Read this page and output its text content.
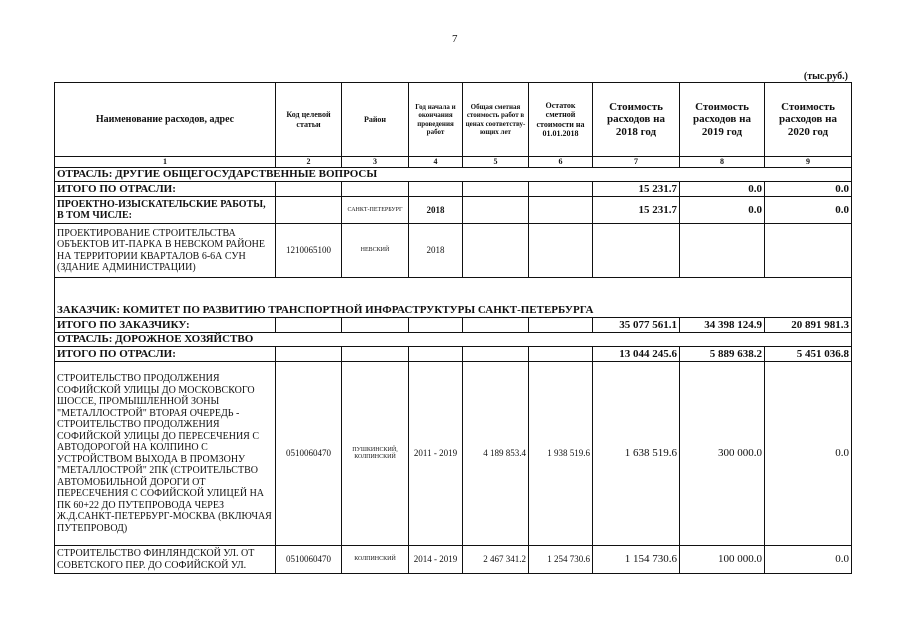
7
(тыс.руб.)
Наименование расходов, адрес	Код целевой статьи	Район	Год начала и окончания проведения работ	Общая сметная стоимость работ в ценах соответству-ющих лет	Остаток сметной стоимости на 01.01.2018	Стоимость расходов на 2018 год	Стоимость расходов на 2019 год	Стоимость расходов на 2020 год
1	2	3	4	5	6	7	8	9
ОТРАСЛЬ: ДРУГИЕ ОБЩЕГОСУДАРСТВЕННЫЕ ВОПРОСЫ								
ИТОГО ПО ОТРАСЛИ:						15 231.7	0.0	0.0
ПРОЕКТНО-ИЗЫСКАТЕЛЬСКИЕ РАБОТЫ, В ТОМ ЧИСЛЕ:		САНКТ-ПЕТЕРБУРГ	2018			15 231.7	0.0	0.0
ПРОЕКТИРОВАНИЕ СТРОИТЕЛЬСТВА ОБЪЕКТОВ ИТ-ПАРКА В НЕВСКОМ РАЙОНЕ НА ТЕРРИТОРИИ КВАРТАЛОВ 6-6А СУН (ЗДАНИЕ АДМИНИСТРАЦИИ)	1210065100	НЕВСКИЙ	2018					
ЗАКАЗЧИК: КОМИТЕТ ПО РАЗВИТИЮ ТРАНСПОРТНОЙ ИНФРАСТРУКТУРЫ САНКТ-ПЕТЕРБУРГА								
ИТОГО ПО ЗАКАЗЧИКУ:						35 077 561.1	34 398 124.9	20 891 981.3
ОТРАСЛЬ: ДОРОЖНОЕ ХОЗЯЙСТВО								
ИТОГО ПО ОТРАСЛИ:						13 044 245.6	5 889 638.2	5 451 036.8
СТРОИТЕЛЬСТВО ПРОДОЛЖЕНИЯ СОФИЙСКОЙ УЛИЦЫ ДО МОСКОВСКОГО ШОССЕ, ПРОМЫШЛЕННОЙ ЗОНЫ "МЕТАЛЛОСТРОЙ" ВТОРАЯ ОЧЕРЕДЬ - СТРОИТЕЛЬСТВО ПРОДОЛЖЕНИЯ СОФИЙСКОЙ УЛИЦЫ ДО ПЕРЕСЕЧЕНИЯ С АВТОДОРОГОЙ НА КОЛПИНО С УСТРОЙСТВОМ ВЫХОДА В ПРОМЗОНУ "МЕТАЛЛОСТРОЙ" 2ПК (СТРОИТЕЛЬСТВО АВТОМОБИЛЬНОЙ ДОРОГИ ОТ ПЕРЕСЕЧЕНИЯ С СОФИЙСКОЙ УЛИЦЕЙ НА ПК 60+22 ДО ПУТЕПРОВОДА ЧЕРЕЗ Ж.Д.САНКТ-ПЕТЕРБУРГ-МОСКВА (ВКЛЮЧАЯ ПУТЕПРОВОД)	0510060470	ПУШКИНСКИЙ, КОЛПИНСКИЙ	2011 - 2019	4 189 853.4	1 938 519.6	1 638 519.6	300 000.0	0.0
СТРОИТЕЛЬСТВО ФИНЛЯНДСКОЙ УЛ. ОТ СОВЕТСКОГО ПЕР. ДО СОФИЙСКОЙ УЛ.	0510060470	КОЛПИНСКИЙ	2014 - 2019	2 467 341.2	1 254 730.6	1 154 730.6	100 000.0	0.0
